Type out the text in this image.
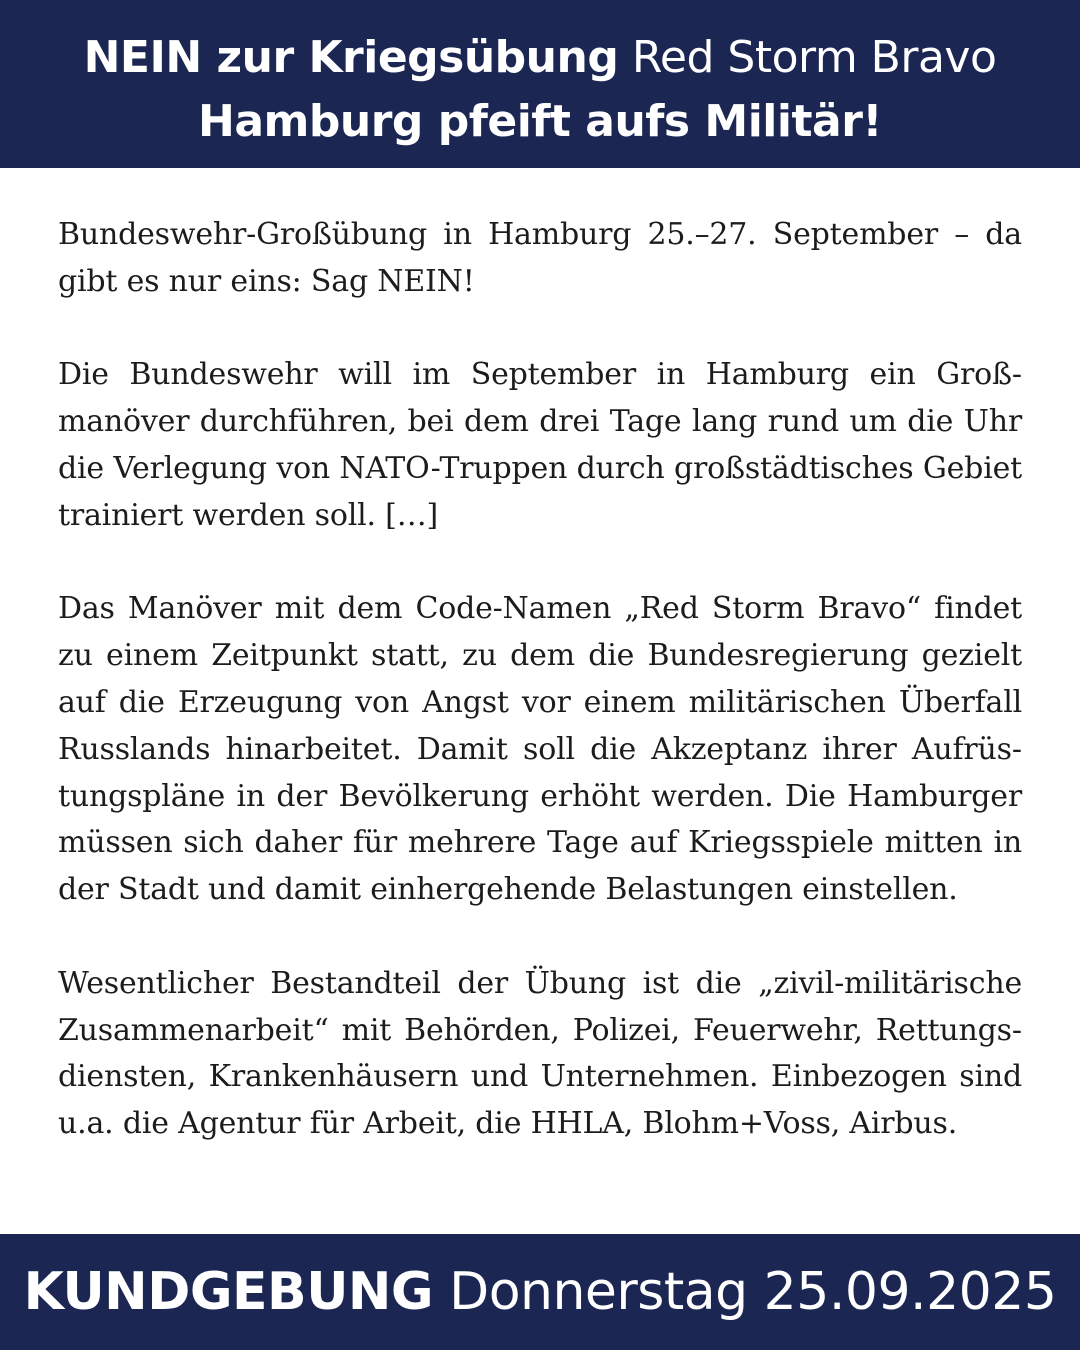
NEIN zur Kriegsübung Red Storm Bravo
Hamburg pfeift aufs Militär!

Bundeswehr-Großübung in Hamburg 25.–27. September – da gibt es nur eins: Sag NEIN!

Die Bundeswehr will im September in Hamburg ein Großmanöver durchführen, bei dem drei Tage lang rund um die Uhr die Verlegung von NATO-Truppen durch großstädtisches Gebiet trainiert werden soll. […]

Das Manöver mit dem Code-Namen „Red Storm Bravo“ findet zu einem Zeitpunkt statt, zu dem die Bundesregierung gezielt auf die Erzeugung von Angst vor einem militärischen Überfall Russlands hinarbeitet. Damit soll die Akzeptanz ihrer Aufrüstungspläne in der Bevölkerung erhöht werden. Die Hamburger müssen sich daher für mehrere Tage auf Kriegsspiele mitten in der Stadt und damit einhergehende Belastungen einstellen.

Wesentlicher Bestandteil der Übung ist die „zivil-militärische Zusammenarbeit“ mit Behörden, Polizei, Feuerwehr, Rettungsdiensten, Krankenhäusern und Unternehmen. Einbezogen sind u.a. die Agentur für Arbeit, die HHLA, Blohm+Voss, Airbus.

KUNDGEBUNG Donnerstag 25.09.2025
